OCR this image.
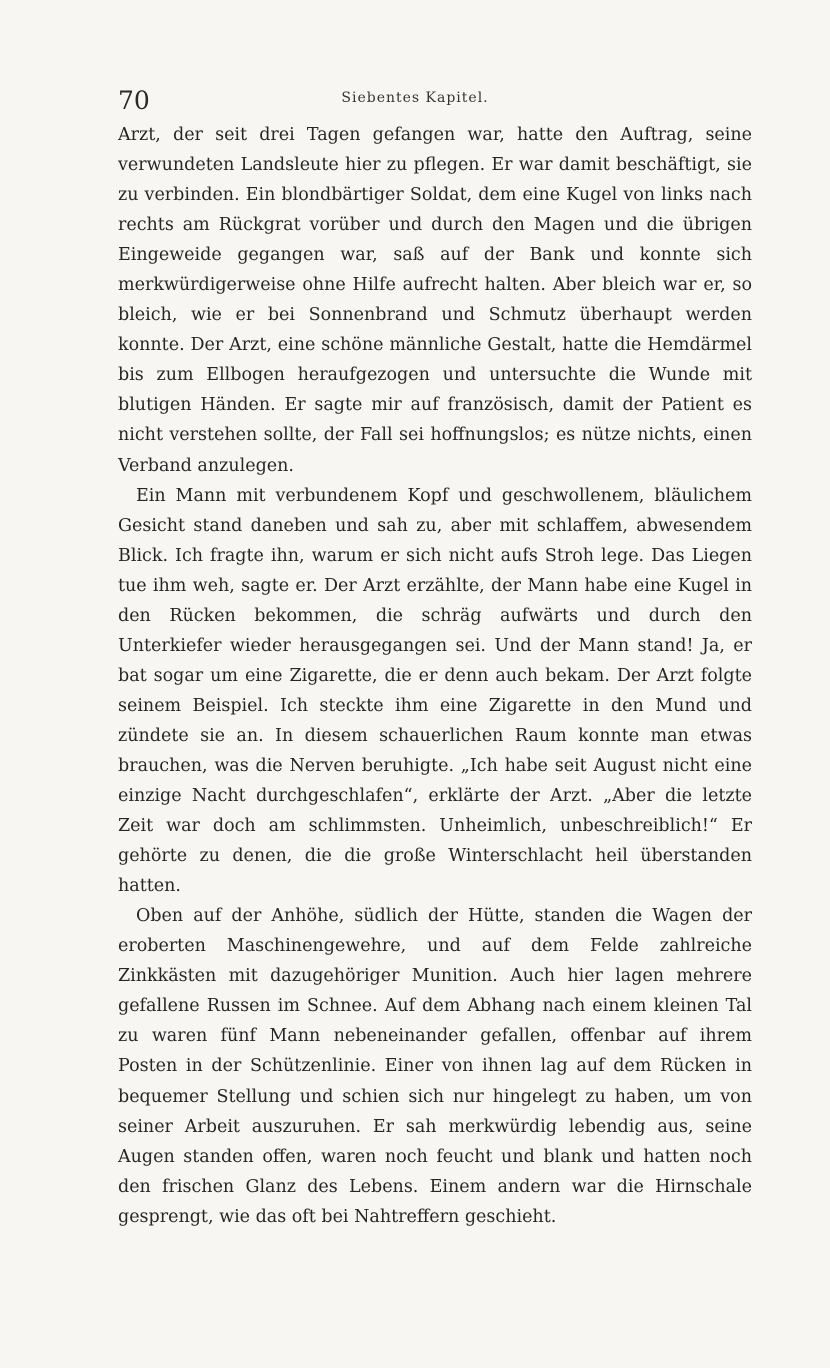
70	Siebentes Kapitel.

Arzt, der seit drei Tagen gefangen war, hatte den Auftrag, seine verwundeten Landsleute hier zu pflegen. Er war damit beschäftigt, sie zu verbinden. Ein blondbärtiger Soldat, dem eine Kugel von links nach rechts am Rückgrat vorüber und durch den Magen und die übrigen Eingeweide gegangen war, saß auf der Bank und konnte sich merkwürdigerweise ohne Hilfe aufrecht halten. Aber bleich war er, so bleich, wie er bei Sonnenbrand und Schmutz überhaupt werden konnte. Der Arzt, eine schöne männliche Gestalt, hatte die Hemdärmel bis zum Ellbogen heraufgezogen und untersuchte die Wunde mit blutigen Händen. Er sagte mir auf französisch, damit der Patient es nicht verstehen sollte, der Fall sei hoffnungslos; es nütze nichts, einen Verband anzulegen.

Ein Mann mit verbundenem Kopf und geschwollenem, bläulichem Gesicht stand daneben und sah zu, aber mit schlaffem, abwesendem Blick. Ich fragte ihn, warum er sich nicht aufs Stroh lege. Das Liegen tue ihm weh, sagte er. Der Arzt erzählte, der Mann habe eine Kugel in den Rücken bekommen, die schräg aufwärts und durch den Unterkiefer wieder herausgegangen sei. Und der Mann stand! Ja, er bat sogar um eine Zigarette, die er denn auch bekam. Der Arzt folgte seinem Beispiel. Ich steckte ihm eine Zigarette in den Mund und zündete sie an. In diesem schauerlichen Raum konnte man etwas brauchen, was die Nerven beruhigte. „Ich habe seit August nicht eine einzige Nacht durchgeschlafen“, erklärte der Arzt. „Aber die letzte Zeit war doch am schlimmsten. Unheimlich, unbeschreiblich!“ Er gehörte zu denen, die die große Winterschlacht heil überstanden hatten.

Oben auf der Anhöhe, südlich der Hütte, standen die Wagen der eroberten Maschinengewehre, und auf dem Felde zahlreiche Zinkkästen mit dazugehöriger Munition. Auch hier lagen mehrere gefallene Russen im Schnee. Auf dem Abhang nach einem kleinen Tal zu waren fünf Mann nebeneinander gefallen, offenbar auf ihrem Posten in der Schützenlinie. Einer von ihnen lag auf dem Rücken in bequemer Stellung und schien sich nur hingelegt zu haben, um von seiner Arbeit auszuruhen. Er sah merkwürdig lebendig aus, seine Augen standen offen, waren noch feucht und blank und hatten noch den frischen Glanz des Lebens. Einem andern war die Hirnschale gesprengt, wie das oft bei Nahtreffern geschieht.
